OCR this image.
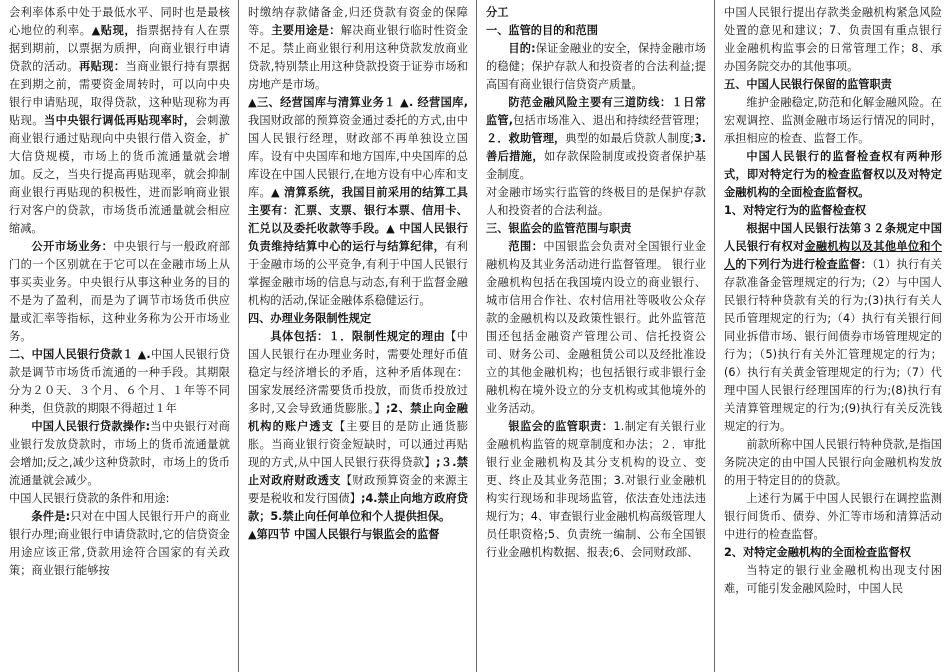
会利率体系中处于最低水平、同时也是最核心地位的利率。▲贴现，指票据持有人在票据到期前，以票据为质押，向商业银行申请贷款的活动。再贴现：当商业银行持有票据在到期之前，需要资金周转时，可以向中央银行申请贴现，取得贷款，这种贴现称为再贴现。当中央银行调低再贴现率时，会刺激商业银行通过贴现向中央银行借入资金，扩大信贷规模，市场上的货币流通量就会增加。反之，当央行提高再贴现率，就会抑制商业银行再贴现的积极性，进而影响商业银行对客户的贷款，市场货币流通量就会相应缩减。

公开市场业务：中央银行与一般政府部门的一个区别就在于它可以在金融市场上从事买卖业务。中央银行从事这种业务的目的不是为了盈利，而是为了调节市场货币供应量或汇率等指标，这种业务称为公开市场业务。

二、中国人民银行贷款１ ▲.中国人民银行贷款是调节市场货币流通的一种手段。其期限分为２０天、３个月、６个月、１年等不同种类，但贷款的期限不得超过１年

中国人民银行贷款操作:当中央银行对商业银行发放贷款时，市场上的货币流通量就会增加;反之,减少这种贷款时，市场上的货币流通量就会减少。

中国人民银行贷款的条件和用途:

条件是:只对在中国人民银行开户的商业银行办理;商业银行申请贷款时,它的信贷资金用途应该正常,贷款用途符合国家的有关政策；商业银行能够按

时缴纳存款储备金,归还贷款有资金的保障等。主要用途是：解决商业银行临时性资金不足。禁止商业银行利用这种贷款发放商业贷款,特别禁止用这种贷款投资于证券市场和房地产是市场。

▲三、经营国库与清算业务１ ▲. 经营国库,我国财政部的预算资金通过委托的方式,由中国人民银行经理，财政部不再单独设立国库。设有中央国库和地方国库,中央国库的总库设在中国人民银行,在地方设有中心库和支库。▲ 清算系统，我国目前采用的结算工具主要有：汇票、支票、银行本票、信用卡、汇兑以及委托收款等手段。▲ 中国人民银行负责维持结算中心的运行与结算纪律，有利于金融市场的公平竞争,有利于中国人民银行掌握金融市场的信息与动态,有利于监督金融机构的活动,保证金融体系稳健运行。

四、办理业务限制性规定

具体包括：１．限制性规定的理由【中国人民银行在办理业务时，需要处理好币值稳定与经济增长的矛盾，这种矛盾体现在：国家发展经济需要货币投放，而货币投放过多时,又会导致通货膨胀。】;2、禁止向金融机构的账户透支【主要目的是防止通货膨胀。当商业银行资金短缺时，可以通过再贴现的方式,从中国人民银行获得贷款】;３.禁止对政府财政透支【财政预算资金的来源主要是税收和发行国债】;4.禁止向地方政府贷款；5.禁止向任何单位和个人提供担保。

▲第四节 中国人民银行与银监会的监督

分工

一、监管的目的和范围

目的:保证金融业的安全，保持金融市场的稳健；保护存款人和投资者的合法利益;提高国有商业银行信贷资产质量。

防范金融风险主要有三道防线：１日常监管,包括市场准入、退出和持续经营管理；２．救助管理，典型的如最后贷款人制度;3.善后措施，如存款保险制度或投资者保护基金制度。

对金融市场实行监管的终极目的是保护存款人和投资者的合法利益。

三、银监会的监管范围与职责

范围：中国银监会负责对全国银行业金融机构及其业务活动进行监督管理。 银行业金融机构包括在我国境内设立的商业银行、城市信用合作社、农村信用社等吸收公众存款的金融机构以及政策性银行。此外监管范围还包括金融资产管理公司、信托投资公司、财务公司、金融租赁公司以及经批准设立的其他金融机构；也包括银行或非银行金融机构在境外设立的分支机构或其他境外的业务活动。

银监会的监管职责：1.制定有关银行业金融机构监管的规章制度和办法；２．审批银行业金融机构及其分支机构的设立、变更、终止及其业务范围；3.对银行业金融机构实行现场和非现场监管，依法查处违法违规行为；4、审查银行业金融机构高级管理人员任职资格;5、负责统一编制、公布全国银行业金融机构数据、报表;6、会同财政部、

中国人民银行提出存款类金融机构紧急风险处置的意见和建议；7、负责国有重点银行业金融机构监事会的日常管理工作；8、承办国务院交办的其他事项。

五、中国人民银行保留的监管职责

维护金融稳定,防范和化解金融风险。在宏观调控、监测金融市场运行情况的同时，承担相应的检查、监督工作。

中国人民银行的监督检查权有两种形式，即对特定行为的检查监督权以及对特定金融机构的全面检查监督权。

1、对特定行为的监督检查权

根据中国人民银行法第３２条规定中国人民银行有权对金融机构以及其他单位和个人的下列行为进行检查监督：（1）执行有关存款准备金管理规定的行为;（2）与中国人民银行特种贷款有关的行为;(3)执行有关人民币管理规定的行为;（4）执行有关银行间同业拆借市场、银行间债券市场管理规定的行为；（5)执行有关外汇管理规定的行为；(6）执行有关黄金管理规定的行为;（7）代理中国人民银行经理国库的行为;(8)执行有关清算管理规定的行为;(9)执行有关反洗钱规定的行为。

前款所称中国人民银行特种贷款,是指国务院决定的由中国人民银行向金融机构发放的用于特定目的的贷款。

上述行为属于中国人民银行在调控监测银行间货币、债券、外汇等市场和清算活动中进行的检查监督。

2、对特定金融机构的全面检查监督权

当特定的银行业金融机构出现支付困难，可能引发金融风险时，中国人民
